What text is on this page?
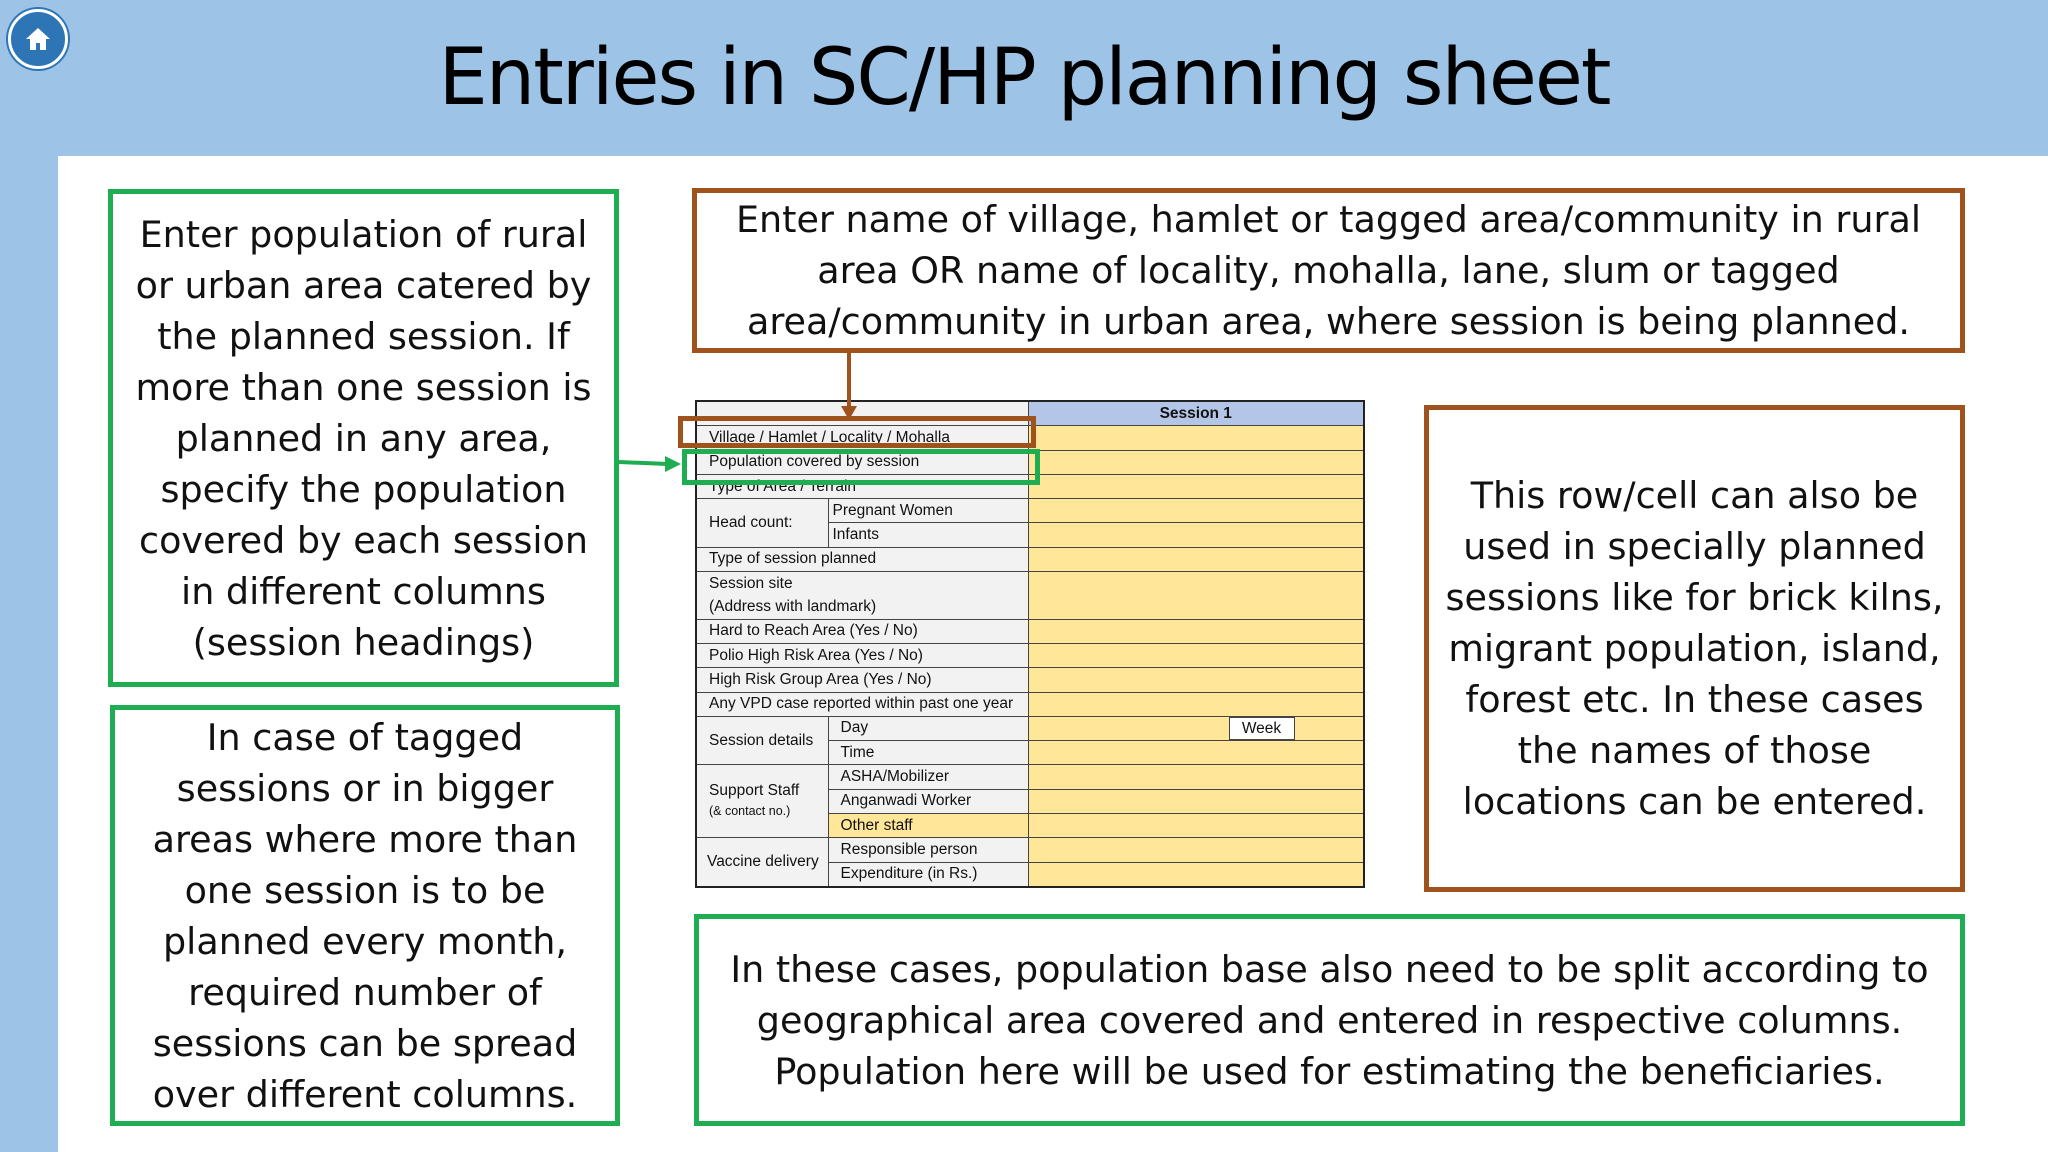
Entries in SC/HP planning sheet
Enter population of rural or urban area catered by the planned session. If more than one session is planned in any area, specify the population covered by each session in different columns (session headings)
In case of tagged sessions or in bigger areas where more than one session is to be planned every month, required number of sessions can be spread over different columns.
Enter name of village, hamlet or tagged area/community in rural area OR name of locality, mohalla, lane, slum or tagged area/community in urban area, where session is being planned.
This row/cell can also be used in specially planned sessions like for brick kilns, migrant population, island, forest etc. In these cases the names of those locations can be entered.
In these cases, population base also need to be split according to geographical area covered and entered in respective columns. Population here will be used for estimating the beneficiaries.
		Session 1
Village / Hamlet / Locality / Mohalla		
Population covered by session		
Type of Area / Terrain		
Head count:	Pregnant Women	
	Infants	
Type of session planned		

Session site
(Address with landmark)		

Hard to Reach Area (Yes / No)		
Polio High Risk Area (Yes / No)		
High Risk Group Area (Yes / No)		
Any VPD case reported within past one year		
Session details	Day	Week

	Time	

Support Staff
(& contact no.)	ASHA/Mobilizer	
	Anganwadi Worker	
	Other staff	
Vaccine delivery	Responsible person	
	Expenditure (in Rs.)	
